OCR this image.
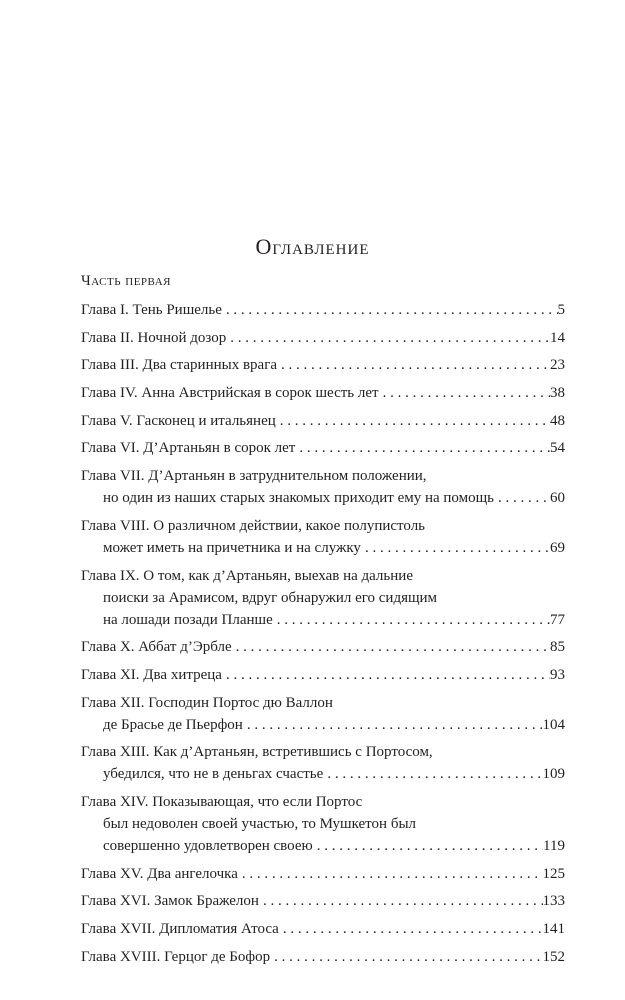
Оглавление
Часть первая
Глава I. Тень Ришелье . . .	5
Глава II. Ночной дозор . . .	14
Глава III. Два старинных врага . . .	23
Глава IV. Анна Австрийская в сорок шесть лет . . .	38
Глава V. Гасконец и итальянец . . .	48
Глава VI. Д’Артаньян в сорок лет . . .	54
Глава VII. Д’Артаньян в затруднительном положении,
но один из наших старых знакомых приходит ему на помощь . . .	60
Глава VIII. О различном действии, какое полупистоль
может иметь на причетника и на служку . . .	69
Глава IX. О том, как д’Артаньян, выехав на дальние
поиски за Арамисом, вдруг обнаружил его сидящим
на лошади позади Планше . . .	77
Глава X. Аббат д’Эрбле . . .	85
Глава XI. Два хитреца . . .	93
Глава XII. Господин Портос дю Валлон
де Брасье де Пьерфон . . .	104
Глава XIII. Как д’Артаньян, встретившись с Портосом,
убедился, что не в деньгах счастье . . .	109
Глава XIV. Показывающая, что если Портос
был недоволен своей участью, то Мушкетон был
совершенно удовлетворен своею . . .	119
Глава XV. Два ангелочка . . .	125
Глава XVI. Замок Бражелон . . .	133
Глава XVII. Дипломатия Атоса . . .	141
Глава XVIII. Герцог де Бофор . . .	152
